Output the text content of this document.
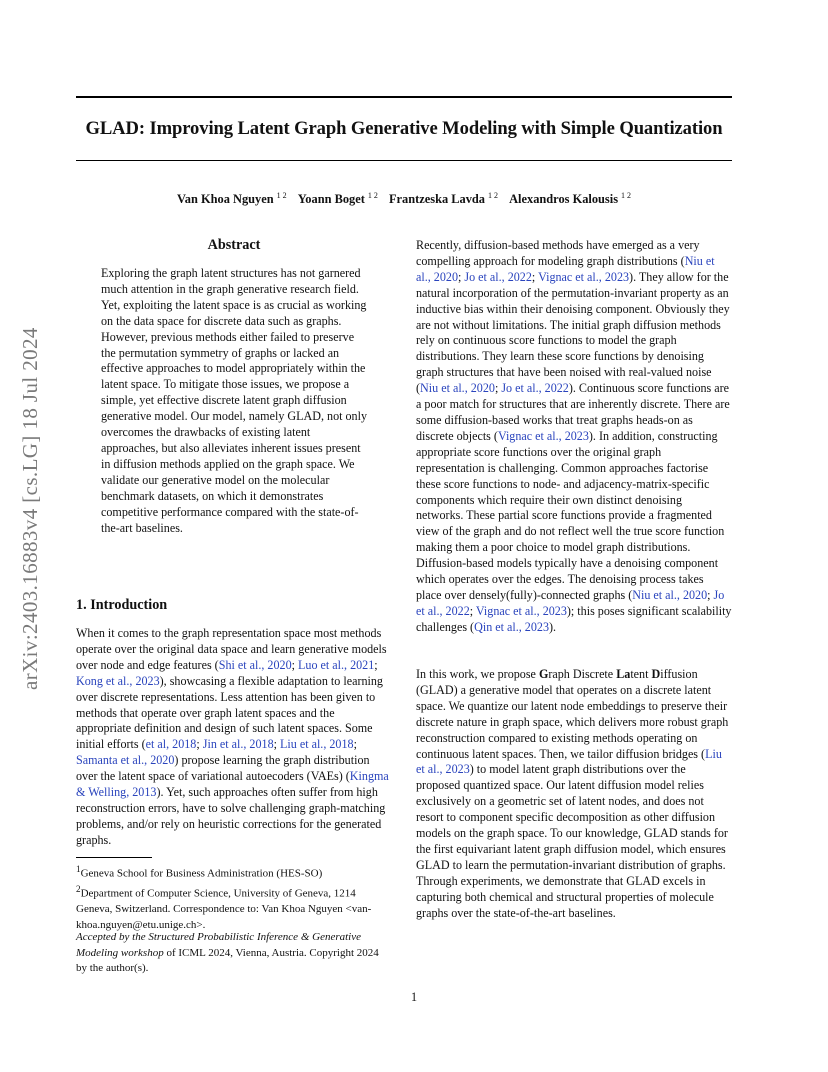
GLAD: Improving Latent Graph Generative Modeling with Simple Quantization
Van Khoa Nguyen $^{1 2}$ Yoann Boget $^{1 2}$ Frantzeska Lavda $^{1 2}$ Alexandros Kalousis $^{1 2}$
arXiv:2403.16883v4 [cs.LG] 18 Jul 2024
Abstract
Exploring the graph latent structures has not garnered much attention in the graph generative research field. Yet, exploiting the latent space is as crucial as working on the data space for discrete data such as graphs. However, previous methods either failed to preserve the permutation symmetry of graphs or lacked an effective approaches to model appropriately within the latent space. To mitigate those issues, we propose a simple, yet effective discrete latent graph diffusion generative model. Our model, namely GLAD, not only overcomes the drawbacks of existing latent approaches, but also alleviates inherent issues present in diffusion methods applied on the graph space. We validate our generative model on the molecular benchmark datasets, on which it demonstrates competitive performance compared with the state-of-the-art baselines.
1. Introduction
When it comes to the graph representation space most methods operate over the original data space and learn generative models over node and edge features (Shi et al., 2020; Luo et al., 2021; Kong et al., 2023), showcasing a flexible adaptation to learning over discrete representations. Less attention has been given to methods that operate over graph latent spaces and the appropriate definition and design of such latent spaces. Some initial efforts (et al, 2018; Jin et al., 2018; Liu et al., 2018; Samanta et al., 2020) propose learning the graph distribution over the latent space of variational autoecoders (VAEs) (Kingma & Welling, 2013). Yet, such approaches often suffer from high reconstruction errors, have to solve challenging graph-matching problems, and/or rely on heuristic corrections for the generated graphs.

$^1$Geneva School for Business Administration (HES-SO)

$^2$Department of Computer Science, University of Geneva, 1214 Geneva, Switzerland. Correspondence to: Van Khoa Nguyen <van-khoa.nguyen@etu.unige.ch>.

Accepted by the Structured Probabilistic Inference & Generative Modeling workshop of ICML 2024, Vienna, Austria. Copyright 2024 by the author(s).
Recently, diffusion-based methods have emerged as a very compelling approach for modeling graph distributions (Niu et al., 2020; Jo et al., 2022; Vignac et al., 2023). They allow for the natural incorporation of the permutation-invariant property as an inductive bias within their denoising component. Obviously they are not without limitations. The initial graph diffusion methods rely on continuous score functions to model the graph distributions. They learn these score functions by denoising graph structures that have been noised with real-valued noise (Niu et al., 2020; Jo et al., 2022). Continuous score functions are a poor match for structures that are inherently discrete. There are some diffusion-based works that treat graphs heads-on as discrete objects (Vignac et al., 2023). In addition, constructing appropriate score functions over the original graph representation is challenging. Common approaches factorise these score functions to node- and adjacency-matrix-specific components which require their own distinct denoising networks. These partial score functions provide a fragmented view of the graph and do not reflect well the true score function making them a poor choice to model graph distributions. Diffusion-based models typically have a denoising component which operates over the edges. The denoising process takes place over densely(fully)-connected graphs (Niu et al., 2020; Jo et al., 2022; Vignac et al., 2023); this poses significant scalability challenges (Qin et al., 2023).
In this work, we propose Graph Discrete Latent Diffusion (GLAD) a generative model that operates on a discrete latent space. We quantize our latent node embeddings to preserve their discrete nature in graph space, which delivers more robust graph reconstruction compared to existing methods operating on continuous latent spaces. Then, we tailor diffusion bridges (Liu et al., 2023) to model latent graph distributions over the proposed quantized space. Our latent diffusion model relies exclusively on a geometric set of latent nodes, and does not resort to component specific decomposition as other diffusion models on the graph space. To our knowledge, GLAD stands for the first equivariant latent graph diffusion model, which ensures GLAD to learn the permutation-invariant distribution of graphs. Through experiments, we demonstrate that GLAD excels in capturing both chemical and structural properties of molecule graphs over the state-of-the-art baselines.
1
